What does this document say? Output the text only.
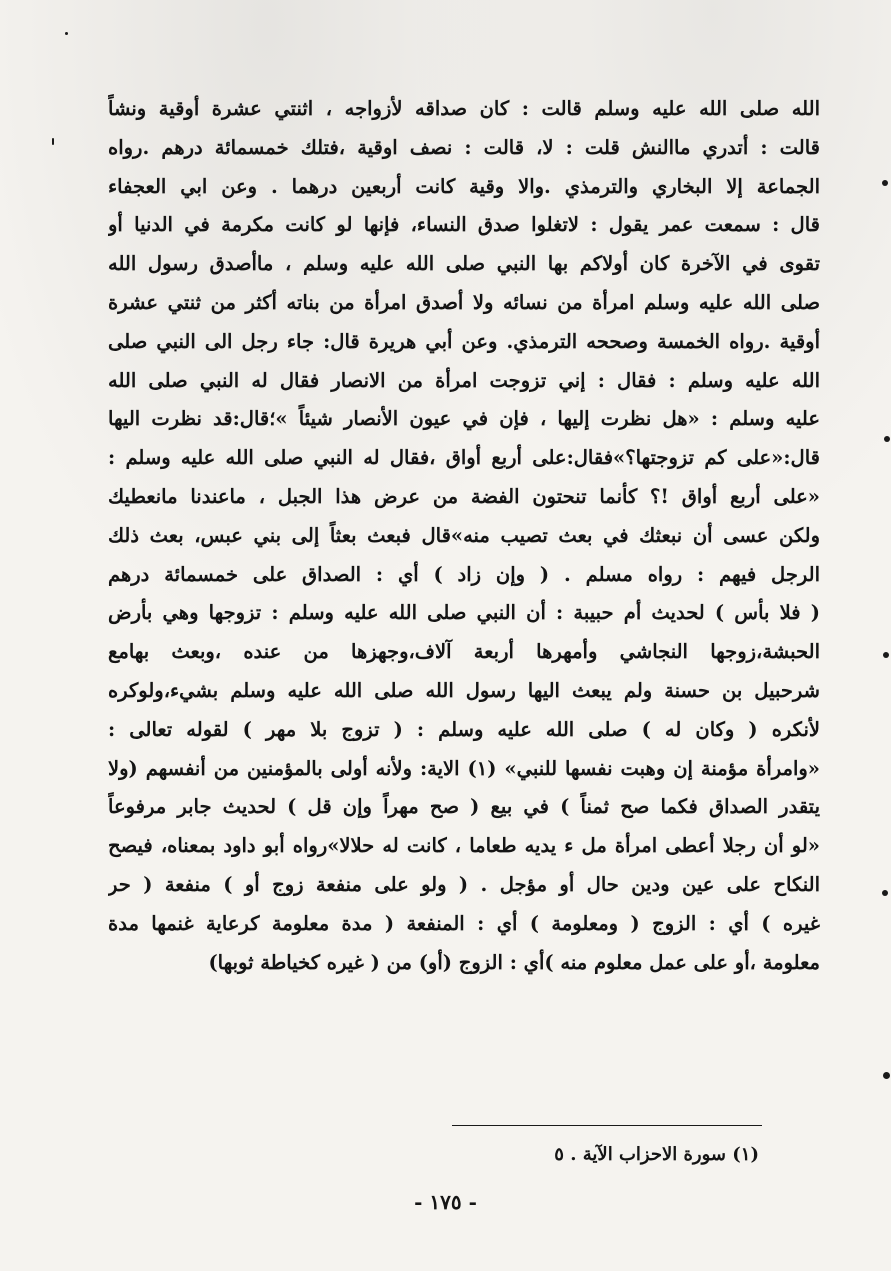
الله صلى الله عليه وسلم قالت : كان صداقه لأزواجه ، اثنتي عشرة أوقية ونشاً
قالت : أتدري ماالنش قلت : لا، قالت : نصف اوقية ،فتلك خمسمائة درهم .رواه
الجماعة إلا البخاري والترمذي .والا وقية كانت أربعين درهما . وعن ابي العجفاء
قال : سمعت عمر يقول : لاتغلوا صدق النساء، فإنها لو كانت مكرمة في الدنيا أو
تقوى في الآخرة كان أولاكم بها النبي صلى الله عليه وسلم ، ماأصدق رسول الله
صلى الله عليه وسلم امرأة من نسائه ولا أصدق امرأة من بناته أكثر من ثنتي عشرة
أوقية .رواه الخمسة وصححه الترمذي. وعن أبي هريرة قال: جاء رجل الى النبي صلى
الله عليه وسلم : فقال : إني تزوجت امرأة من الانصار فقال له النبي صلى الله
عليه وسلم : «هل نظرت إليها ، فإن في عيون الأنصار شيئاً »؛قال:قد نظرت اليها
قال:«على كم تزوجتها؟»فقال:على أربع أواق ،فقال له النبي صلى الله عليه وسلم :
«على أربع أواق !؟ كأنما تنحتون الفضة من عرض هذا الجبل ، ماعندنا مانعطيك
ولكن عسى أن نبعثك في بعث تصيب منه»قال فبعث بعثاً إلى بني عبس، بعث ذلك
الرجل فيهم : رواه مسلم . ( وإن زاد ) أي : الصداق على خمسمائة درهم
( فلا بأس ) لحديث أم حبيبة : أن النبي صلى الله عليه وسلم : تزوجها وهي بأرض
الحبشة،زوجها النجاشي وأمهرها أربعة آلاف،وجهزها من عنده ،وبعث بهامع
شرحبيل بن حسنة ولم يبعث اليها رسول الله صلى الله عليه وسلم بشيء،ولوكره
لأنكره ( وكان له ) صلى الله عليه وسلم : ( تزوج بلا مهر ) لقوله تعالى :
«وامرأة مؤمنة إن وهبت نفسها للنبي» (١) الاية: ولأنه أولى بالمؤمنين من أنفسهم (ولا
يتقدر الصداق فكما صح ثمناً ) في بيع ( صح مهراً وإن قل ) لحديث جابر مرفوعاً
«لو أن رجلا أعطى امرأة مل ء يديه طعاما ، كانت له حلالا»رواه أبو داود بمعناه، فيصح
النكاح على عين ودين حال أو مؤجل . ( ولو على منفعة زوج أو ) منفعة ( حر
غيره ) أي : الزوج ( ومعلومة ) أي : المنفعة ( مدة معلومة كرعاية غنمها مدة
معلومة ،أو على عمل معلوم منه )أي : الزوج (أو) من ( غيره كخياطة ثوبها)
(١) سورة الاحزاب الآية . ٥
- ١٧٥ -
